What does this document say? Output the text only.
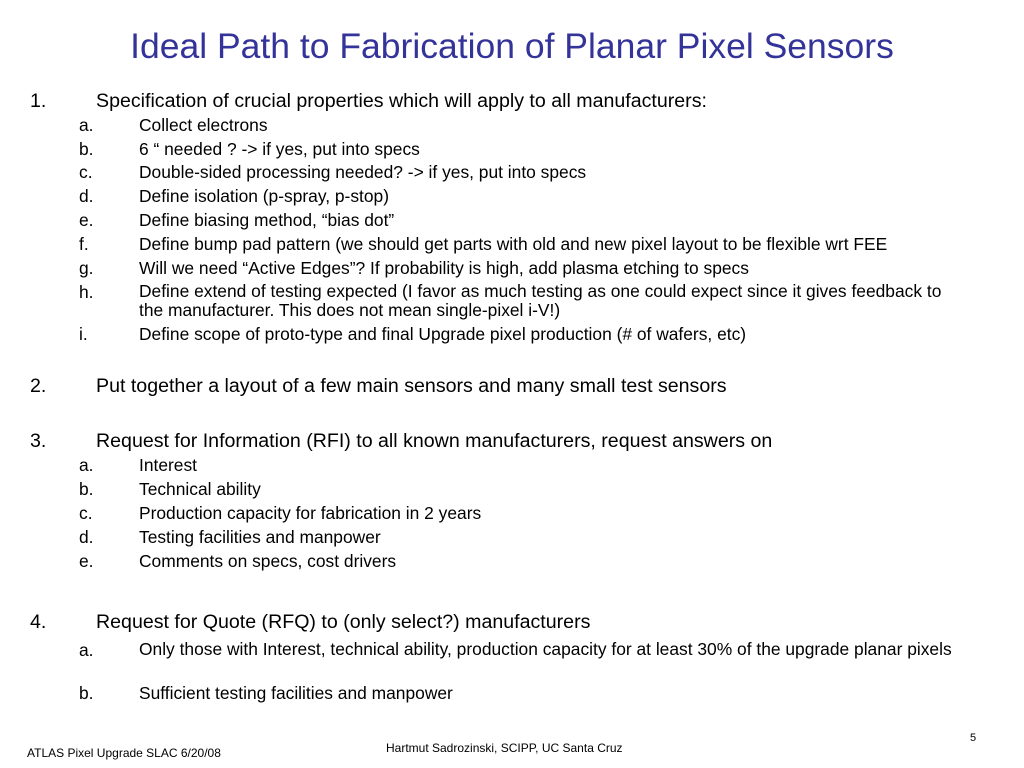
Ideal Path to Fabrication of Planar Pixel Sensors
1.	Specification of crucial properties which will apply to all manufacturers:
a.	Collect electrons
b.	6 “ needed ? -> if yes, put into specs
c.	Double-sided processing needed? -> if yes, put into specs
d.	Define isolation (p-spray, p-stop)
e.	Define biasing method, “bias dot”
f.	Define bump pad pattern (we should get parts with old and new pixel layout to be flexible wrt FEE
g.	Will we need “Active Edges”? If probability is high, add plasma etching to specs
h.	Define extend of testing expected (I favor as much testing as one could expect since it gives feedback to the manufacturer. This does not mean single-pixel i-V!)
i.	Define scope of proto-type and final Upgrade pixel production (# of wafers, etc)
2.	Put together a layout of a few main sensors and many small test sensors
3.	Request for Information (RFI) to all known manufacturers, request answers on
a.	Interest
b.	Technical ability
c.	Production capacity for fabrication in 2 years
d.	Testing facilities and manpower
e.	Comments on specs, cost drivers
4.	Request for Quote (RFQ) to (only select?) manufacturers
a.	Only those with Interest, technical ability, production capacity for at least 30% of the upgrade planar pixels
b.	Sufficient testing facilities and manpower
ATLAS Pixel Upgrade SLAC 6/20/08	Hartmut Sadrozinski, SCIPP, UC Santa Cruz
5
